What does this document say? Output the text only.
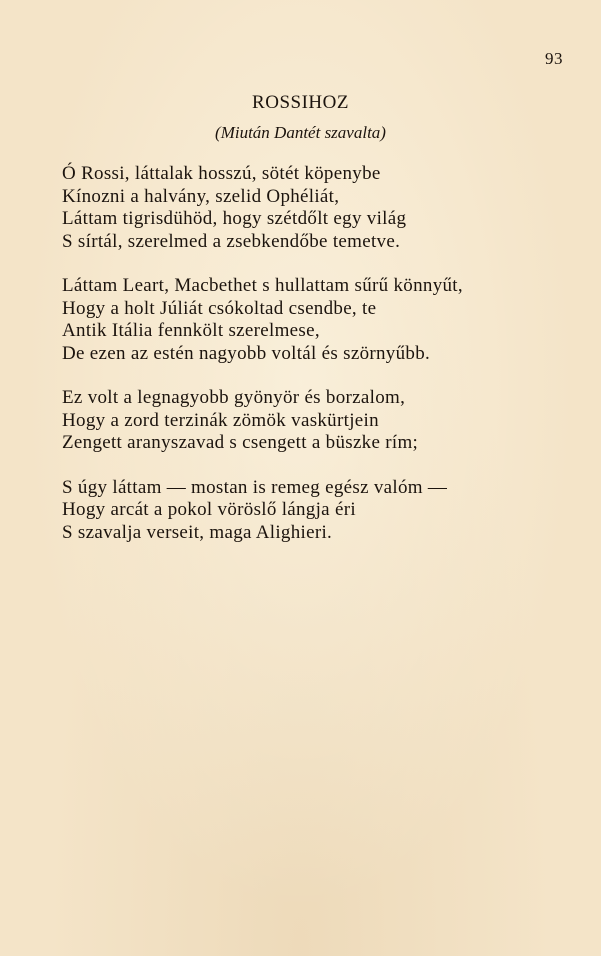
93
ROSSIHOZ
(Miután Dantét szavalta)
Ó Rossi, láttalak hosszú, sötét köpenybe
Kínozni a halvány, szelid Ophéliát,
Láttam tigrisdühöd, hogy szétdőlt egy világ
S sírtál, szerelmed a zsebkendőbe temetve.
Láttam Leart, Macbethet s hullattam sűrű könnyűt,
Hogy a holt Júliát csókoltad csendbe, te
Antik Itália fennkölt szerelmese,
De ezen az estén nagyobb voltál és szörnyűbb.
Ez volt a legnagyobb gyönyör és borzalom,
Hogy a zord terzinák zömök vaskürtjein
Zengett aranyszavad s csengett a büszke rím;
S úgy láttam — mostan is remeg egész valóm —
Hogy arcát a pokol vöröslő lángja éri
S szavalja verseit, maga Alighieri.
